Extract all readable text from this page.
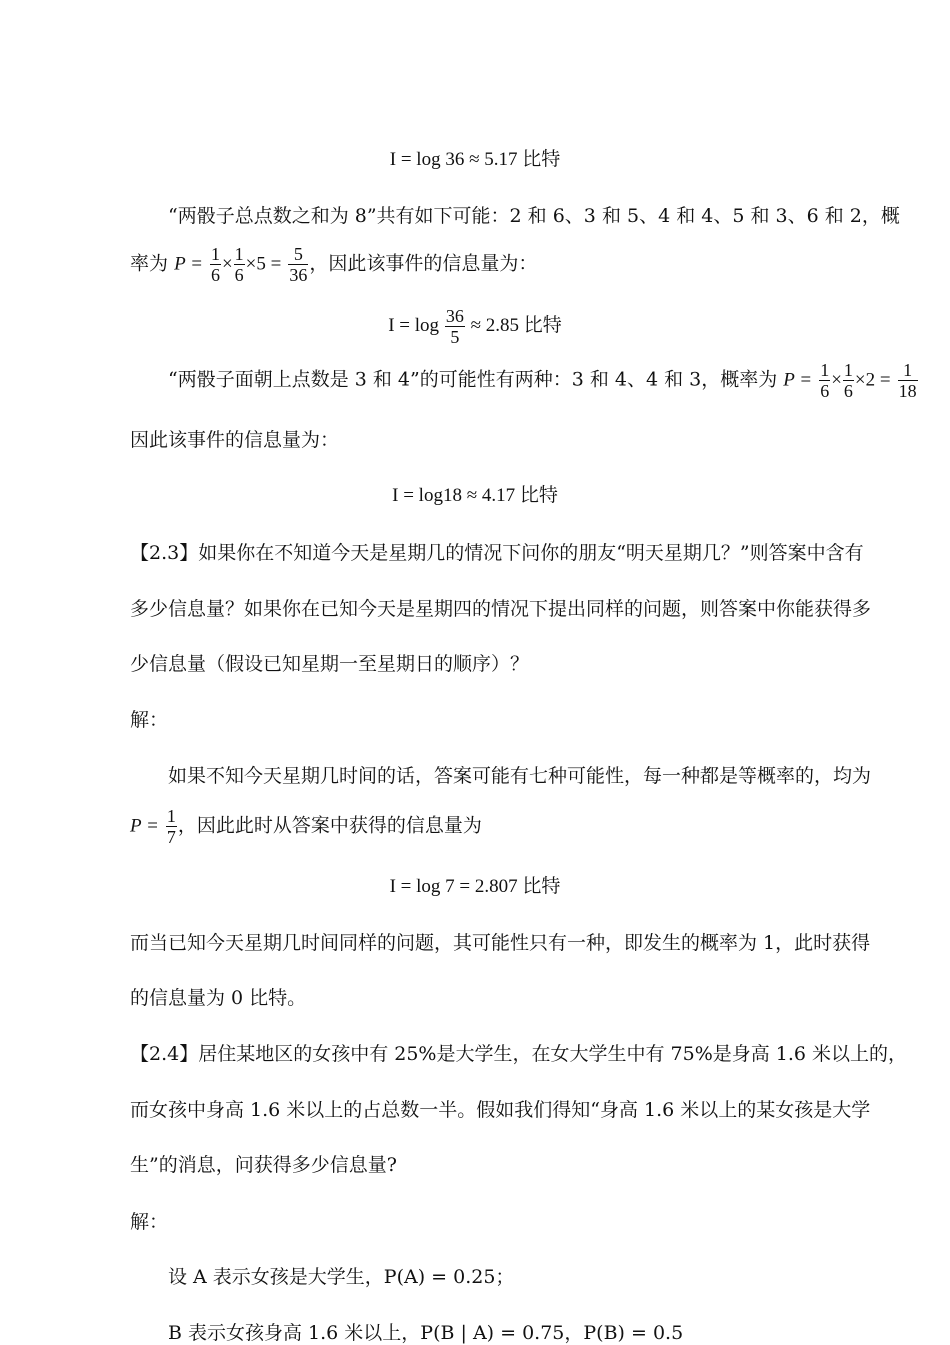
I = log 36 ≈ 5.17 比特
“两骰子总点数之和为 8”共有如下可能：2 和 6、3 和 5、4 和 4、5 和 3、6 和 2，概
率为 $P = \frac{1}{6} \times \frac{1}{6} \times 5 = \frac{5}{36}$ ，因此该事件的信息量为：
$I = \log \frac{36}{5} \approx 2.85$ 比特
“两骰子面朝上点数是 3 和 4”的可能性有两种：3 和 4、4 和 3，概率为 $P = \frac{1}{6} \times \frac{1}{6} \times 2 = \frac{1}{18}$
因此该事件的信息量为：
I = log18 ≈ 4.17 比特
【2.3】如果你在不知道今天是星期几的情况下问你的朋友“明天星期几？”则答案中含有
多少信息量？如果你在已知今天是星期四的情况下提出同样的问题，则答案中你能获得多
少信息量（假设已知星期一至星期日的顺序）？
解：
如果不知今天星期几时间的话，答案可能有七种可能性，每一种都是等概率的，均为
$P = \frac{1}{7}$ ，因此此时从答案中获得的信息量为
I = log 7 = 2.807 比特
而当已知今天星期几时间同样的问题，其可能性只有一种，即发生的概率为 1，此时获得
的信息量为 0 比特。
【2.4】居住某地区的女孩中有 25%是大学生，在女大学生中有 75%是身高 1.6 米以上的，
而女孩中身高 1.6 米以上的占总数一半。假如我们得知“身高 1.6 米以上的某女孩是大学
生”的消息，问获得多少信息量?
解：
设 A 表示女孩是大学生，P(A) = 0.25；
B 表示女孩身高 1.6 米以上，P(B | A) = 0.75，P(B) = 0.5
